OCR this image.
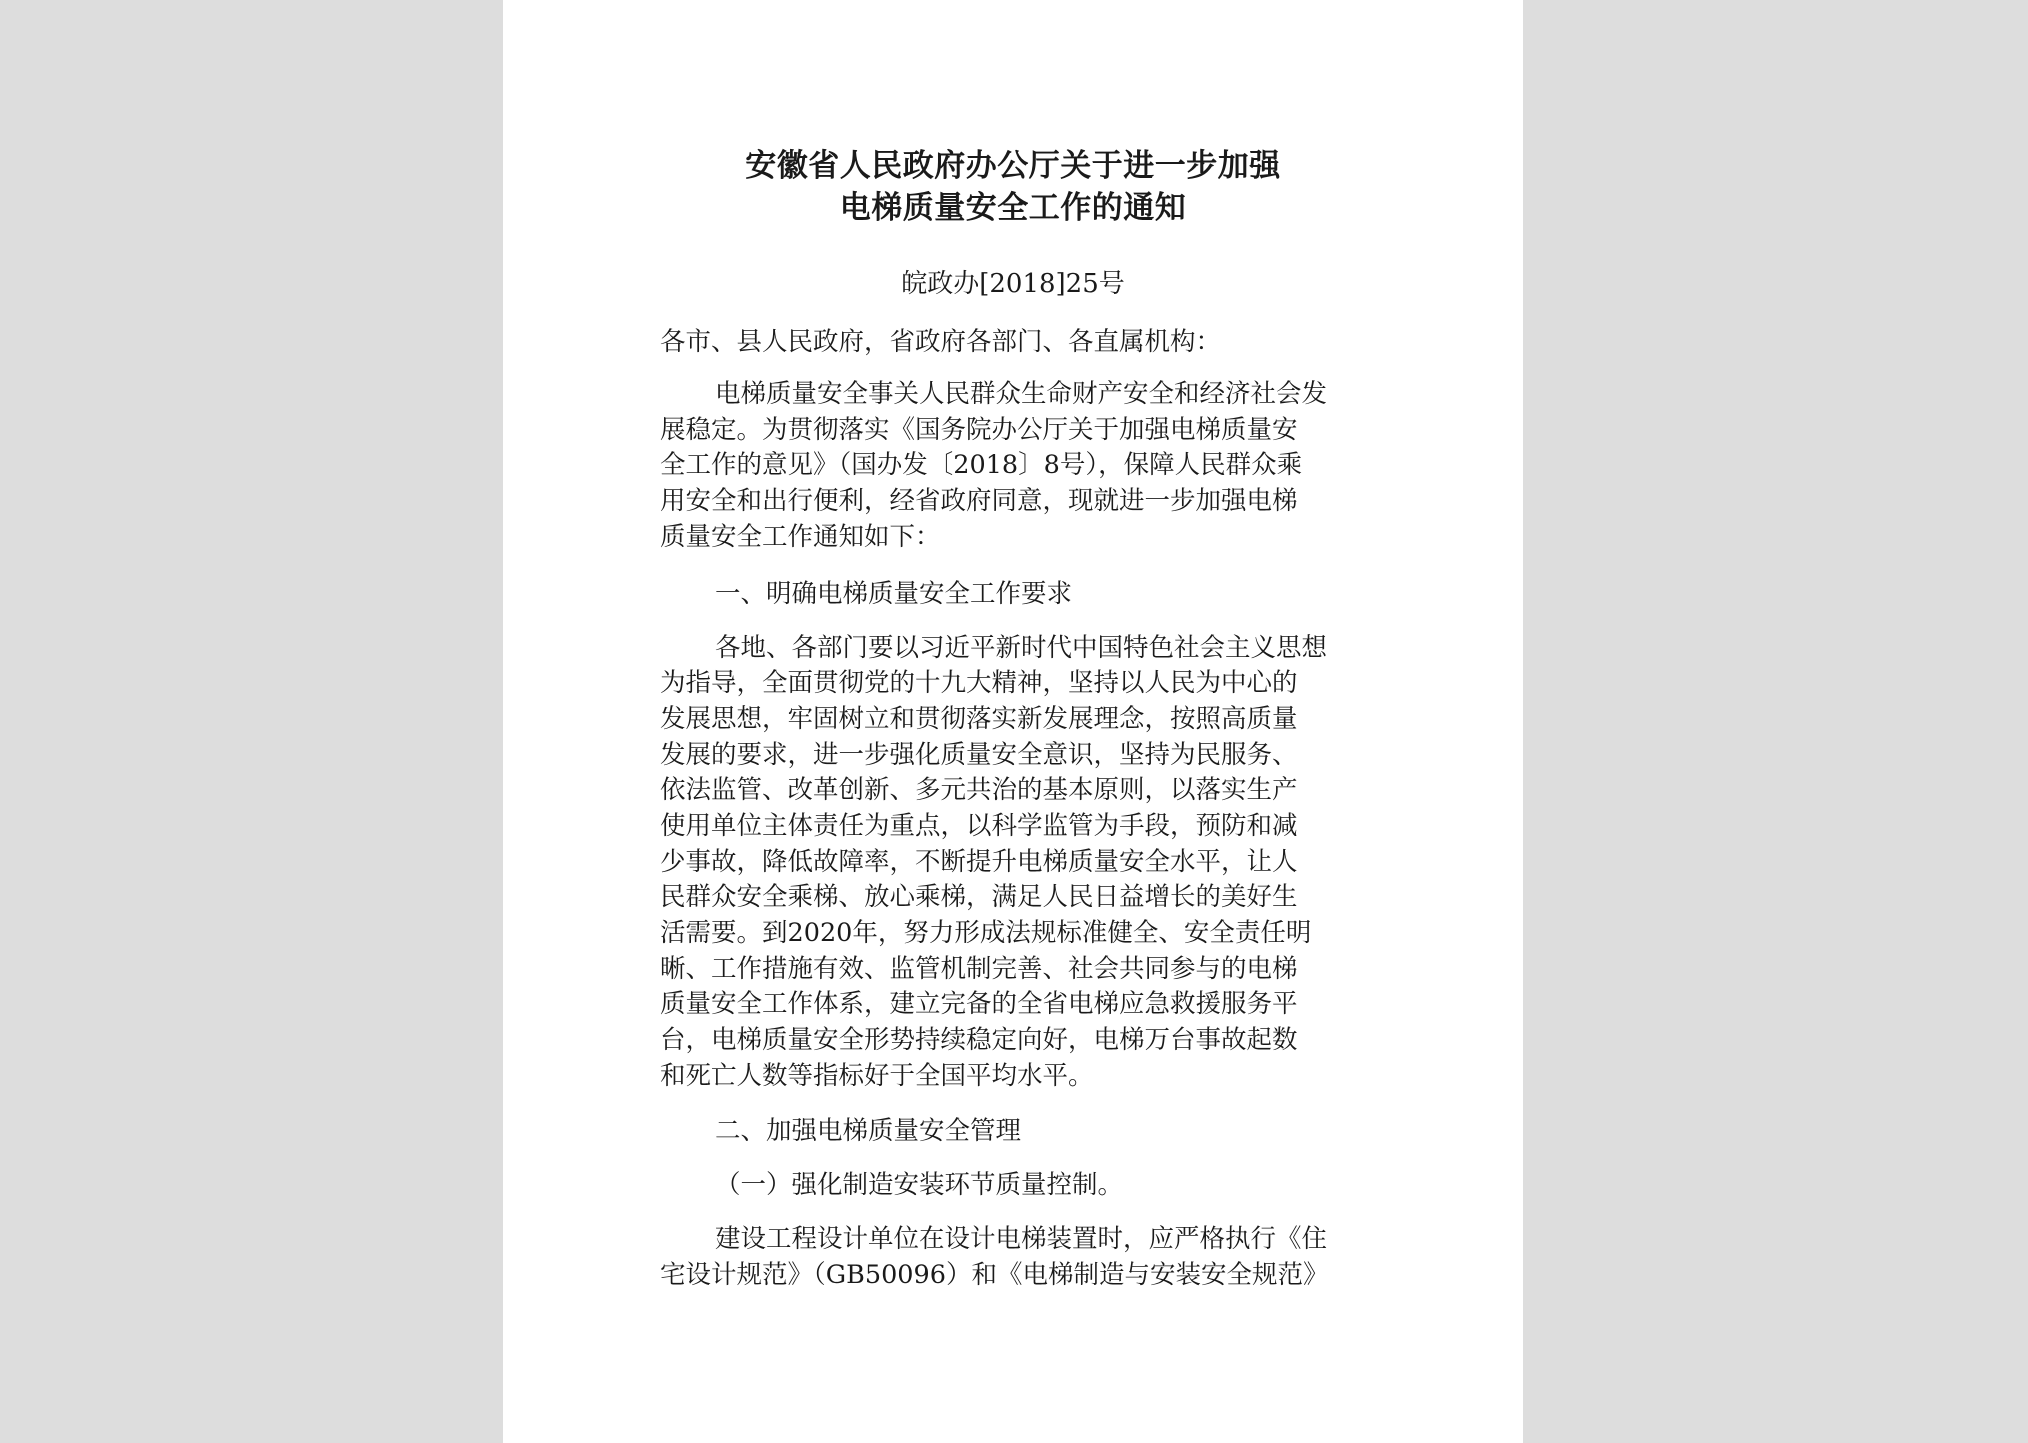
安徽省人民政府办公厅关于进一步加强
电梯质量安全工作的通知
皖政办[2018]25号
各市、县人民政府，省政府各部门、各直属机构：
电梯质量安全事关人民群众生命财产安全和经济社会发
展稳定。为贯彻落实《国务院办公厅关于加强电梯质量安
全工作的意见》（国办发〔2018〕8号），保障人民群众乘
用安全和出行便利，经省政府同意，现就进一步加强电梯
质量安全工作通知如下：
一、明确电梯质量安全工作要求
各地、各部门要以习近平新时代中国特色社会主义思想
为指导，全面贯彻党的十九大精神，坚持以人民为中心的
发展思想，牢固树立和贯彻落实新发展理念，按照高质量
发展的要求，进一步强化质量安全意识，坚持为民服务、
依法监管、改革创新、多元共治的基本原则，以落实生产
使用单位主体责任为重点，以科学监管为手段，预防和减
少事故，降低故障率，不断提升电梯质量安全水平，让人
民群众安全乘梯、放心乘梯，满足人民日益增长的美好生
活需要。到2020年，努力形成法规标准健全、安全责任明
晰、工作措施有效、监管机制完善、社会共同参与的电梯
质量安全工作体系，建立完备的全省电梯应急救援服务平
台，电梯质量安全形势持续稳定向好，电梯万台事故起数
和死亡人数等指标好于全国平均水平。
二、加强电梯质量安全管理
（一）强化制造安装环节质量控制。
建设工程设计单位在设计电梯装置时，应严格执行《住
宅设计规范》（GB50096）和《电梯制造与安装安全规范》
